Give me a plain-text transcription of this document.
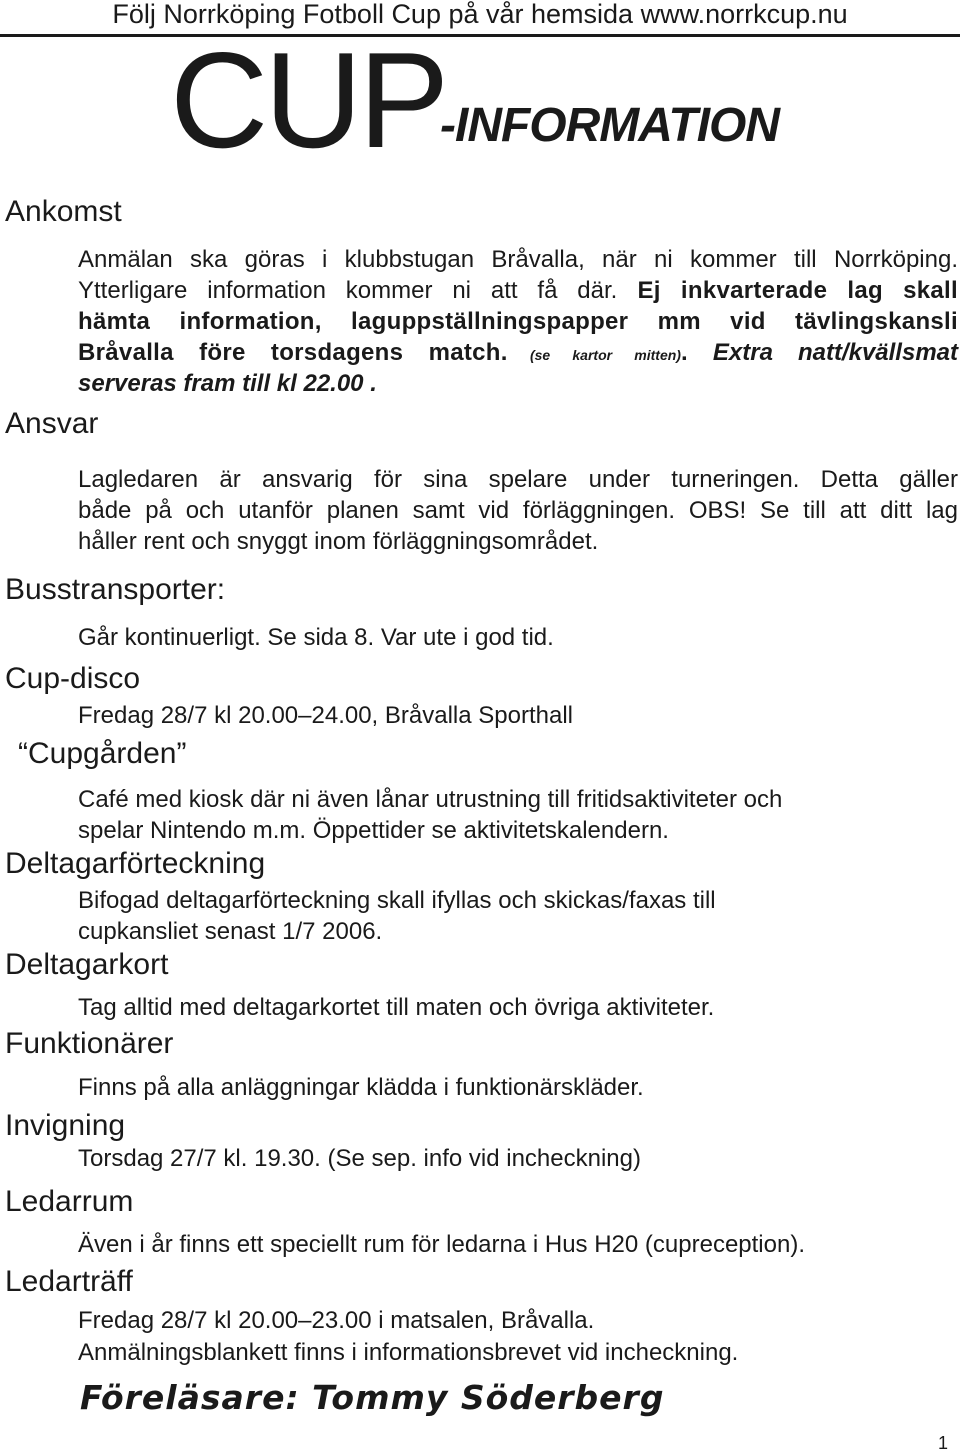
Följ Norrköping Fotboll Cup på vår hemsida www.norrkcup.nu
CUP
-INFORMATION
Ankomst
Anmälan ska göras i klubbstugan Bråvalla, när ni kommer till Norrköping.
Ytterligare information kommer ni att få där. Ej inkvarterade lag skall
hämta information, laguppställningspapper mm vid tävlingskansli
Bråvalla före torsdagens match. (se kartor mitten). Extra natt/kvällsmat
serveras fram till kl 22.00 .
Ansvar
Lagledaren är ansvarig för sina spelare under turneringen. Detta gäller
både på och utanför planen samt vid förläggningen. OBS! Se till att ditt lag
håller rent och snyggt inom förläggningsområdet.
Busstransporter:
Går kontinuerligt. Se sida 8. Var ute i god tid.
Cup-disco
Fredag 28/7 kl 20.00–24.00, Bråvalla Sporthall
“Cupgården”
Café med kiosk där ni även lånar utrustning till fritidsaktiviteter och
spelar Nintendo m.m. Öppettider se aktivitetskalendern.
Deltagarförteckning
Bifogad deltagarförteckning skall ifyllas och skickas/faxas till
cupkansliet senast 1/7 2006.
Deltagarkort
Tag alltid med deltagarkortet till maten och övriga aktiviteter.
Funktionärer
Finns på alla anläggningar klädda i funktionärskläder.
Invigning
Torsdag 27/7 kl. 19.30. (Se sep. info vid incheckning)
Ledarrum
Även i år finns ett speciellt rum för ledarna i Hus H20 (cupreception).
Ledarträff
Fredag 28/7 kl 20.00–23.00 i matsalen, Bråvalla.
Anmälningsblankett finns i informationsbrevet vid incheckning.
Föreläsare: Tommy Söderberg
1
